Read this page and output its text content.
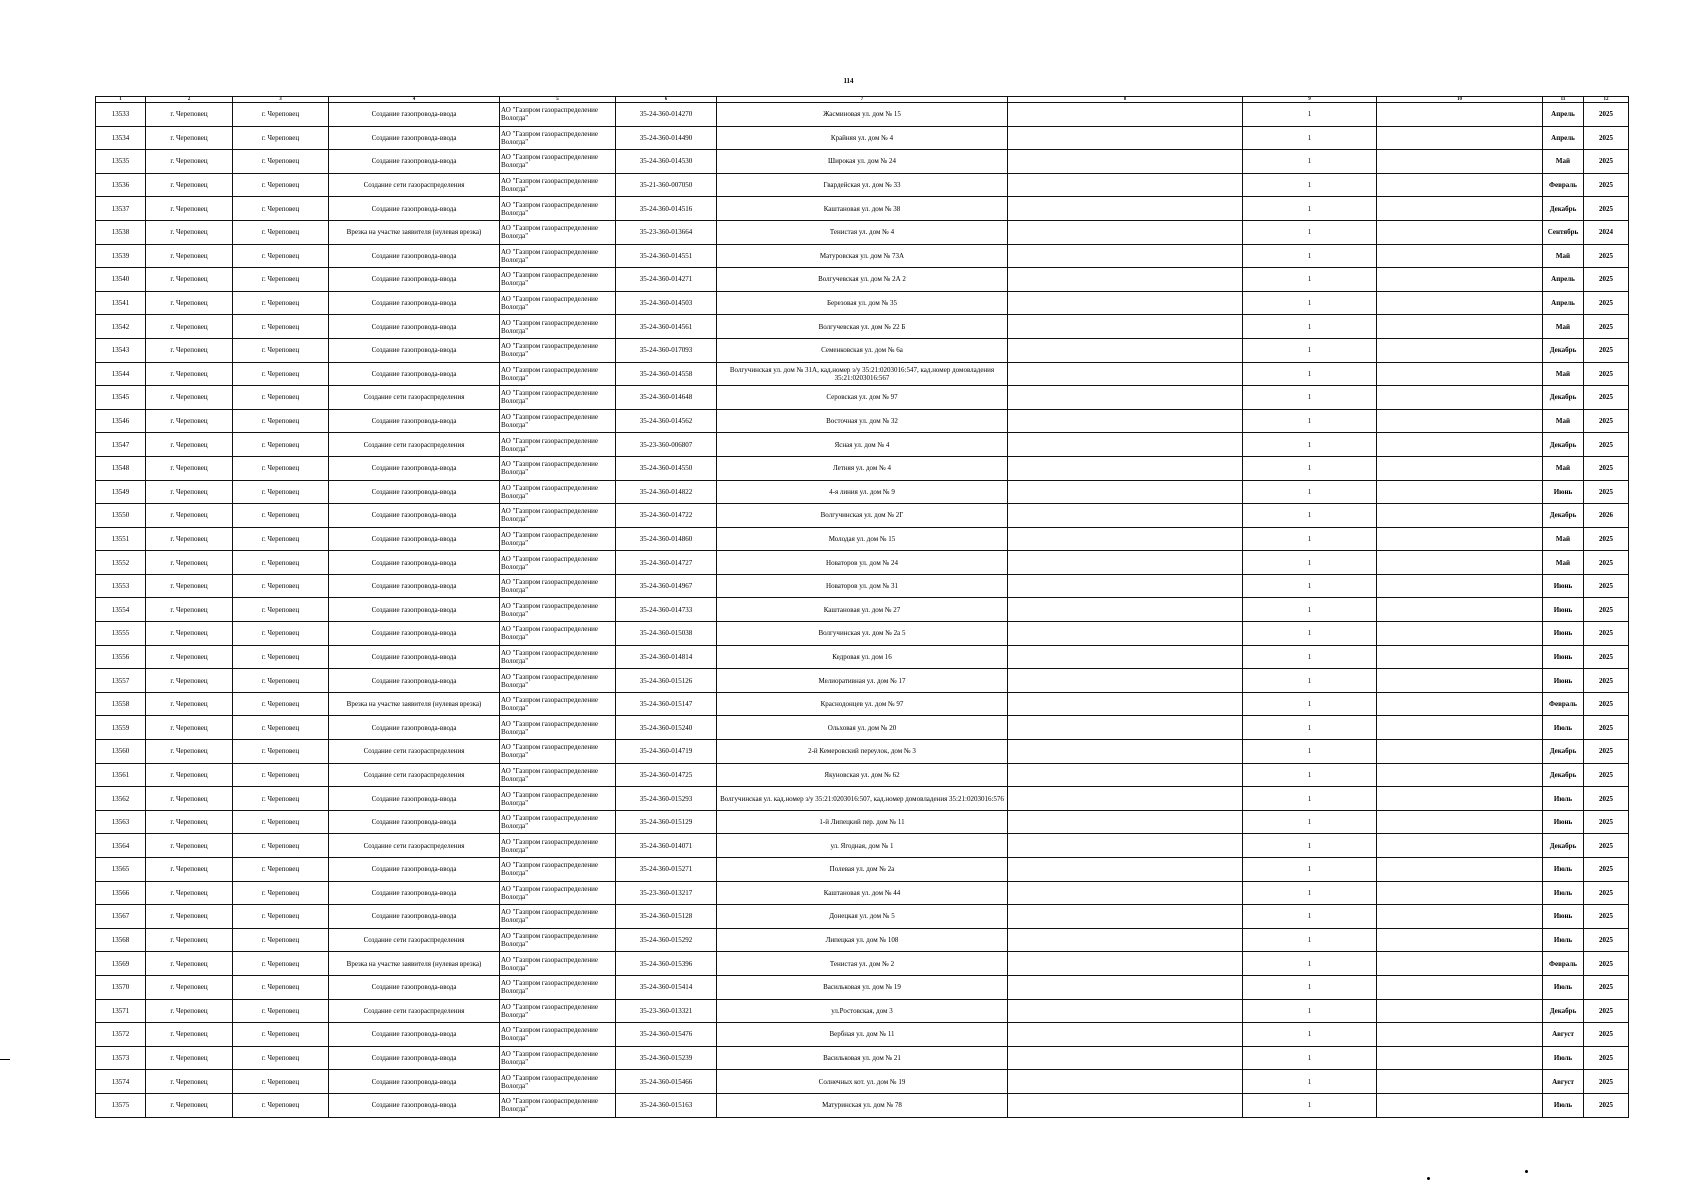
114
1	2	3	4	5	6	7	8	9	10	11	12
13533	г. Череповец	г. Череповец	Создание газопровода-ввода	АО "Газпром газораспределение Вологда"	35-24-360-014270	Жасминовая ул. дом № 15		1		Апрель	2025
13534	г. Череповец	г. Череповец	Создание газопровода-ввода	АО "Газпром газораспределение Вологда"	35-24-360-014490	Крайняя ул. дом № 4		1		Апрель	2025
13535	г. Череповец	г. Череповец	Создание газопровода-ввода	АО "Газпром газораспределение Вологда"	35-24-360-014530	Широкая ул. дом № 24		1		Май	2025
13536	г. Череповец	г. Череповец	Создание сети газораспределения	АО "Газпром газораспределение Вологда"	35-21-360-007050	Гвардейская ул. дом № 33		1		Февраль	2025
13537	г. Череповец	г. Череповец	Создание газопровода-ввода	АО "Газпром газораспределение Вологда"	35-24-360-014516	Каштановая ул. дом № 38		1		Декабрь	2025
13538	г. Череповец	г. Череповец	Врезка на участке заявителя (нулевая врезка)	АО "Газпром газораспределение Вологда"	35-23-360-013664	Тенистая ул. дом № 4		1		Сентябрь	2024
13539	г. Череповец	г. Череповец	Создание газопровода-ввода	АО "Газпром газораспределение Вологда"	35-24-360-014551	Матуровская ул. дом № 73А		1		Май	2025
13540	г. Череповец	г. Череповец	Создание газопровода-ввода	АО "Газпром газораспределение Вологда"	35-24-360-014271	Волгучевская ул. дом № 2А 2		1		Апрель	2025
13541	г. Череповец	г. Череповец	Создание газопровода-ввода	АО "Газпром газораспределение Вологда"	35-24-360-014503	Березовая ул. дом № 35		1		Апрель	2025
13542	г. Череповец	г. Череповец	Создание газопровода-ввода	АО "Газпром газораспределение Вологда"	35-24-360-014561	Волгучевская ул. дом № 22 Б		1		Май	2025
13543	г. Череповец	г. Череповец	Создание газопровода-ввода	АО "Газпром газораспределение Вологда"	35-24-360-017093	Семенковская ул. дом № 6а		1		Декабрь	2025
13544	г. Череповец	г. Череповец	Создание газопровода-ввода	АО "Газпром газораспределение Вологда"	35-24-360-014558	Волгучинская ул. дом № 31А, кад.номер з/у 35:21:0203016:547, кад.номер домовладения 35:21:0203016:567		1		Май	2025
13545	г. Череповец	г. Череповец	Создание сети газораспределения	АО "Газпром газораспределение Вологда"	35-24-360-014648	Серовская ул. дом № 97		1		Декабрь	2025
13546	г. Череповец	г. Череповец	Создание газопровода-ввода	АО "Газпром газораспределение Вологда"	35-24-360-014562	Восточная ул. дом № 32		1		Май	2025
13547	г. Череповец	г. Череповец	Создание сети газораспределения	АО "Газпром газораспределение Вологда"	35-23-360-006807	Ясная ул. дом № 4		1		Декабрь	2025
13548	г. Череповец	г. Череповец	Создание газопровода-ввода	АО "Газпром газораспределение Вологда"	35-24-360-014550	Летняя ул. дом № 4		1		Май	2025
13549	г. Череповец	г. Череповец	Создание газопровода-ввода	АО "Газпром газораспределение Вологда"	35-24-360-014822	4-я линия ул. дом № 9		1		Июнь	2025
13550	г. Череповец	г. Череповец	Создание газопровода-ввода	АО "Газпром газораспределение Вологда"	35-24-360-014722	Волгучинская ул. дом № 2Г		1		Декабрь	2026
13551	г. Череповец	г. Череповец	Создание газопровода-ввода	АО "Газпром газораспределение Вологда"	35-24-360-014860	Молодая ул. дом № 15		1		Май	2025
13552	г. Череповец	г. Череповец	Создание газопровода-ввода	АО "Газпром газораспределение Вологда"	35-24-360-014727	Новаторов ул. дом № 24		1		Май	2025
13553	г. Череповец	г. Череповец	Создание газопровода-ввода	АО "Газпром газораспределение Вологда"	35-24-360-014967	Новаторов ул. дом № 31		1		Июнь	2025
13554	г. Череповец	г. Череповец	Создание газопровода-ввода	АО "Газпром газораспределение Вологда"	35-24-360-014733	Каштановая ул. дом № 27		1		Июнь	2025
13555	г. Череповец	г. Череповец	Создание газопровода-ввода	АО "Газпром газораспределение Вологда"	35-24-360-015038	Волгучинская ул. дом № 2а 5		1		Июнь	2025
13556	г. Череповец	г. Череповец	Создание газопровода-ввода	АО "Газпром газораспределение Вологда"	35-24-360-014814	Кедровая ул. дом 16		1		Июнь	2025
13557	г. Череповец	г. Череповец	Создание газопровода-ввода	АО "Газпром газораспределение Вологда"	35-24-360-015126	Мелиоративная ул. дом № 17		1		Июнь	2025
13558	г. Череповец	г. Череповец	Врезка на участке заявителя (нулевая врезка)	АО "Газпром газораспределение Вологда"	35-24-360-015147	Краснодонцев ул. дом № 97		1		Февраль	2025
13559	г. Череповец	г. Череповец	Создание газопровода-ввода	АО "Газпром газораспределение Вологда"	35-24-360-015240	Ольховая ул. дом № 20		1		Июль	2025
13560	г. Череповец	г. Череповец	Создание сети газораспределения	АО "Газпром газораспределение Вологда"	35-24-360-014719	2-й Кемеровский переулок, дом № 3		1		Декабрь	2025
13561	г. Череповец	г. Череповец	Создание сети газораспределения	АО "Газпром газораспределение Вологда"	35-24-360-014725	Якуновская ул. дом № 62		1		Декабрь	2025
13562	г. Череповец	г. Череповец	Создание газопровода-ввода	АО "Газпром газораспределение Вологда"	35-24-360-015293	Волгучинская ул. кад.номер з/у 35:21:0203016:507, кад.номер домовладения 35:21:0203016:576		1		Июль	2025
13563	г. Череповец	г. Череповец	Создание газопровода-ввода	АО "Газпром газораспределение Вологда"	35-24-360-015129	1-й Липецкий пер. дом № 11		1		Июнь	2025
13564	г. Череповец	г. Череповец	Создание сети газораспределения	АО "Газпром газораспределение Вологда"	35-24-360-014071	ул. Ягодная, дом № 1		1		Декабрь	2025
13565	г. Череповец	г. Череповец	Создание газопровода-ввода	АО "Газпром газораспределение Вологда"	35-24-360-015271	Полевая ул. дом № 2а		1		Июль	2025
13566	г. Череповец	г. Череповец	Создание газопровода-ввода	АО "Газпром газораспределение Вологда"	35-23-360-013217	Каштановая ул. дом № 44		1		Июль	2025
13567	г. Череповец	г. Череповец	Создание газопровода-ввода	АО "Газпром газораспределение Вологда"	35-24-360-015128	Донецкая ул. дом № 5		1		Июнь	2025
13568	г. Череповец	г. Череповец	Создание сети газораспределения	АО "Газпром газораспределение Вологда"	35-24-360-015292	Липецкая ул. дом № 108		1		Июль	2025
13569	г. Череповец	г. Череповец	Врезка на участке заявителя (нулевая врезка)	АО "Газпром газораспределение Вологда"	35-24-360-015396	Тенистая ул. дом № 2		1		Февраль	2025
13570	г. Череповец	г. Череповец	Создание газопровода-ввода	АО "Газпром газораспределение Вологда"	35-24-360-015414	Васильковая ул. дом № 19		1		Июль	2025
13571	г. Череповец	г. Череповец	Создание сети газораспределения	АО "Газпром газораспределение Вологда"	35-23-360-013321	ул.Ростовская, дом 3		1		Декабрь	2025
13572	г. Череповец	г. Череповец	Создание газопровода-ввода	АО "Газпром газораспределение Вологда"	35-24-360-015476	Вербная ул. дом № 11		1		Август	2025
13573	г. Череповец	г. Череповец	Создание газопровода-ввода	АО "Газпром газораспределение Вологда"	35-24-360-015239	Васильковая ул. дом № 21		1		Июль	2025
13574	г. Череповец	г. Череповец	Создание газопровода-ввода	АО "Газпром газораспределение Вологда"	35-24-360-015466	Солнечных кот. ул. дом № 19		1		Август	2025
13575	г. Череповец	г. Череповец	Создание газопровода-ввода	АО "Газпром газораспределение Вологда"	35-24-360-015163	Матуринская ул. дом № 78		1		Июль	2025
